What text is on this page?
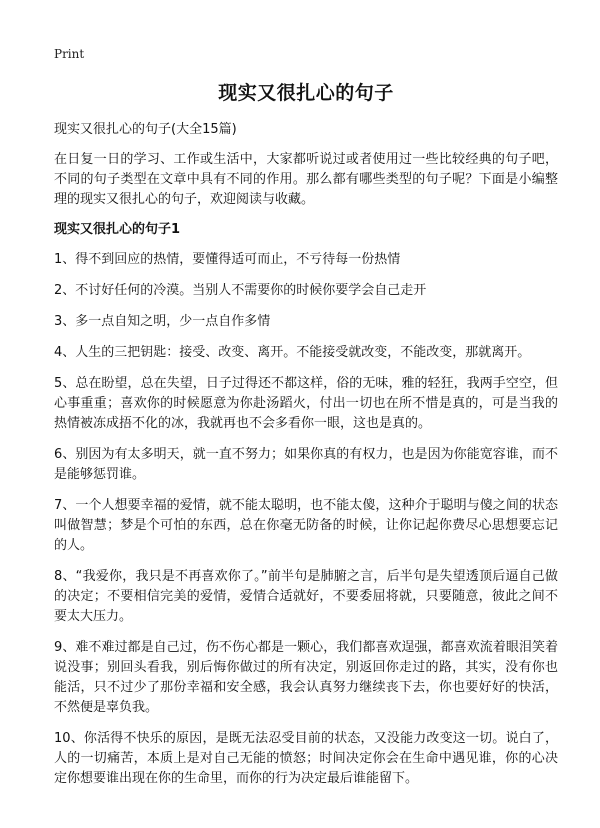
Print
现实又很扎心的句子

现实又很扎心的句子(大全15篇)

在日复一日的学习、工作或生活中，大家都听说过或者使用过一些比较经典的句子吧，不同的句子类型在文章中具有不同的作用。那么都有哪些类型的句子呢？下面是小编整理的现实又很扎心的句子，欢迎阅读与收藏。

现实又很扎心的句子1

1、得不到回应的热情，要懂得适可而止，不亏待每一份热情

2、不讨好任何的冷漠。当别人不需要你的时候你要学会自己走开

3、多一点自知之明，少一点自作多情

4、人生的三把钥匙：接受、改变、离开。不能接受就改变，不能改变，那就离开。

5、总在盼望，总在失望，日子过得还不都这样，俗的无味，雅的轻狂，我两手空空，但心事重重；喜欢你的时候愿意为你赴汤蹈火，付出一切也在所不惜是真的，可是当我的热情被冻成捂不化的冰，我就再也不会多看你一眼，这也是真的。

6、别因为有太多明天，就一直不努力；如果你真的有权力，也是因为你能宽容谁，而不是能够惩罚谁。

7、一个人想要幸福的爱情，就不能太聪明，也不能太傻，这种介于聪明与傻之间的状态叫做智慧；梦是个可怕的东西，总在你毫无防备的时候，让你记起你费尽心思想要忘记的人。

8、“我爱你，我只是不再喜欢你了。”前半句是肺腑之言，后半句是失望透顶后逼自己做的决定；不要相信完美的爱情，爱情合适就好，不要委屈将就，只要随意，彼此之间不要太大压力。

9、难不难过都是自己过，伤不伤心都是一颗心，我们都喜欢逞强，都喜欢流着眼泪笑着说没事；别回头看我，别后悔你做过的所有决定，别返回你走过的路，其实，没有你也能活，只不过少了那份幸福和安全感，我会认真努力继续丧下去，你也要好好的快活，不然便是辜负我。

10、你活得不快乐的原因，是既无法忍受目前的状态，又没能力改变这一切。说白了，人的一切痛苦，本质上是对自己无能的愤怒；时间决定你会在生命中遇见谁，你的心决定你想要谁出现在你的生命里，而你的行为决定最后谁能留下。
